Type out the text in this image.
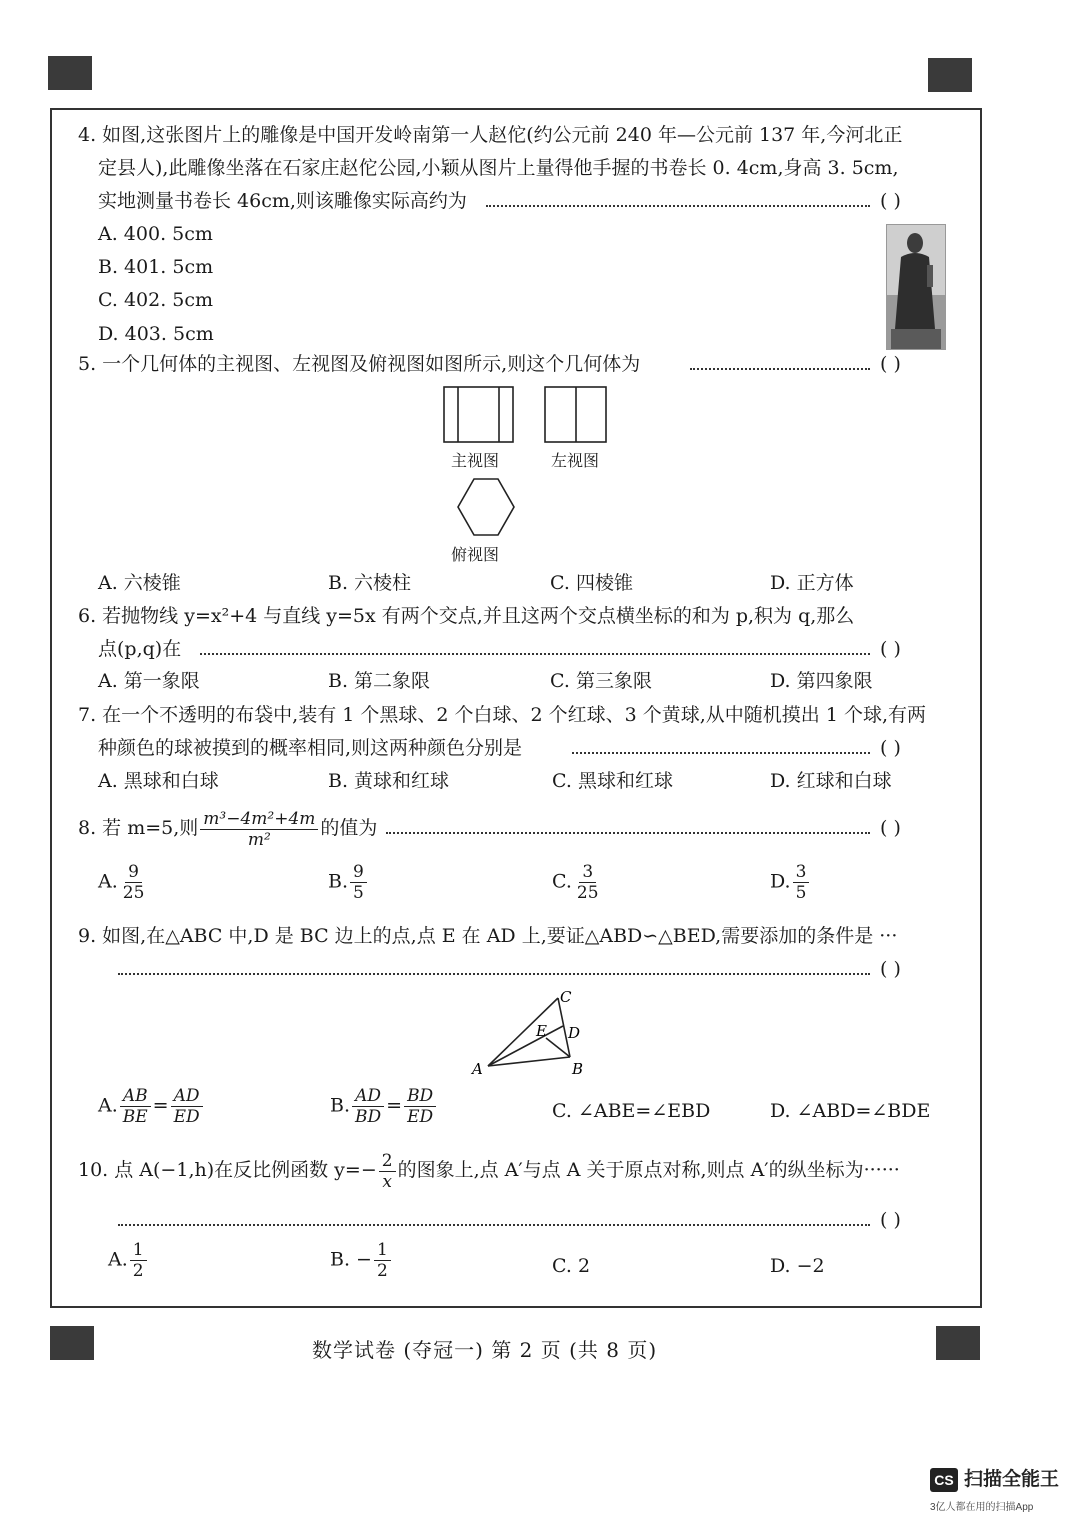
4. 如图,这张图片上的雕像是中国开发岭南第一人赵佗(约公元前 240 年—公元前 137 年,今河北正
定县人),此雕像坐落在石家庄赵佗公园,小颖从图片上量得他手握的书卷长 0. 4cm,身高 3. 5cm,
实地测量书卷长 46cm,则该雕像实际高约为	( )
A. 400. 5cm
B. 401. 5cm
C. 402. 5cm
D. 403. 5cm
5. 一个几何体的主视图、左视图及俯视图如图所示,则这个几何体为	( )
主视图	左视图
俯视图
A. 六棱锥	B. 六棱柱	C. 四棱锥	D. 正方体
6. 若抛物线 y=x²+4 与直线 y=5x 有两个交点,并且这两个交点横坐标的和为 p,积为 q,那么
点(p,q)在	( )
A. 第一象限	B. 第二象限	C. 第三象限	D. 第四象限
7. 在一个不透明的布袋中,装有 1 个黑球、2 个白球、2 个红球、3 个黄球,从中随机摸出 1 个球,有两
种颜色的球被摸到的概率相同,则这两种颜色分别是	( )
A. 黑球和白球	B. 黄球和红球	C. 黑球和红球	D. 红球和白球
8. 若 m=5,则 $\frac{\text{m³−4m²+4m}}{\text{m²}}$ 的值为	( )
A. $\frac{9}{25}$	B. $\frac{9}{5}$	C. $\frac{3}{25}$	D. $\frac{3}{5}$
9. 如图,在△ABC 中,D 是 BC 边上的点,点 E 在 AD 上,要证△ABD∽△BED,需要添加的条件是 ···
( )
C
D
E
A	B
A. $\frac{AB}{BE} = \frac{AD}{ED}$	B. $\frac{AD}{BD} = \frac{BD}{ED}$	C. ∠ABE=∠EBD	D. ∠ABD=∠BDE
10. 点 A(−1,h)在反比例函数 $y=- \frac{2}{x}$ 的图象上,点 A′与点 A 关于原点对称,则点 A′的纵坐标为······
( )
A. $\frac{1}{2}$	B. − $\frac{1}{2}$	C. 2	D. −2
数学试卷 (夺冠一) 第 2 页 (共 8 页)
CS 扫描全能王
3亿人都在用的扫描App
